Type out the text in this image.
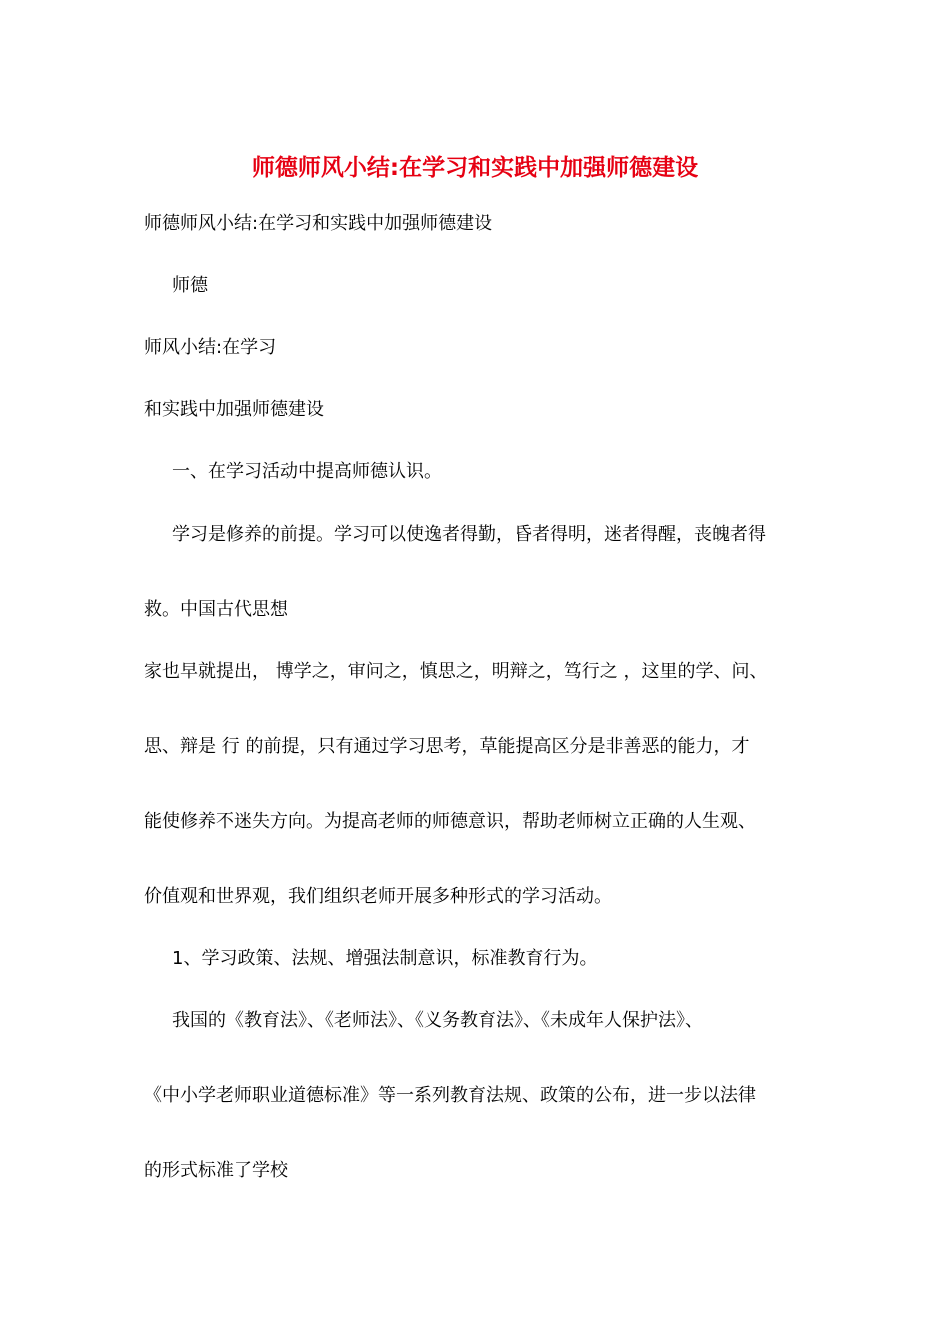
师德师风小结:在学习和实践中加强师德建设
师德师风小结:在学习和实践中加强师德建设
师德
师风小结:在学习
和实践中加强师德建设
一、在学习活动中提高师德认识。
学习是修养的前提。学习可以使逸者得勤，昏者得明，迷者得醒，丧魄者得
救。中国古代思想
家也早就提出， 博学之，审问之，慎思之，明辩之，笃行之 ，这里的学、问、
思、辩是 行 的前提，只有通过学习思考，草能提高区分是非善恶的能力，才
能使修养不迷失方向。为提高老师的师德意识，帮助老师树立正确的人生观、
价值观和世界观，我们组织老师开展多种形式的学习活动。
1、学习政策、法规、增强法制意识，标准教育行为。
我国的《教育法》、《老师法》、《义务教育法》、《未成年人保护法》、
《中小学老师职业道德标准》等一系列教育法规、政策的公布，进一步以法律
的形式标准了学校
